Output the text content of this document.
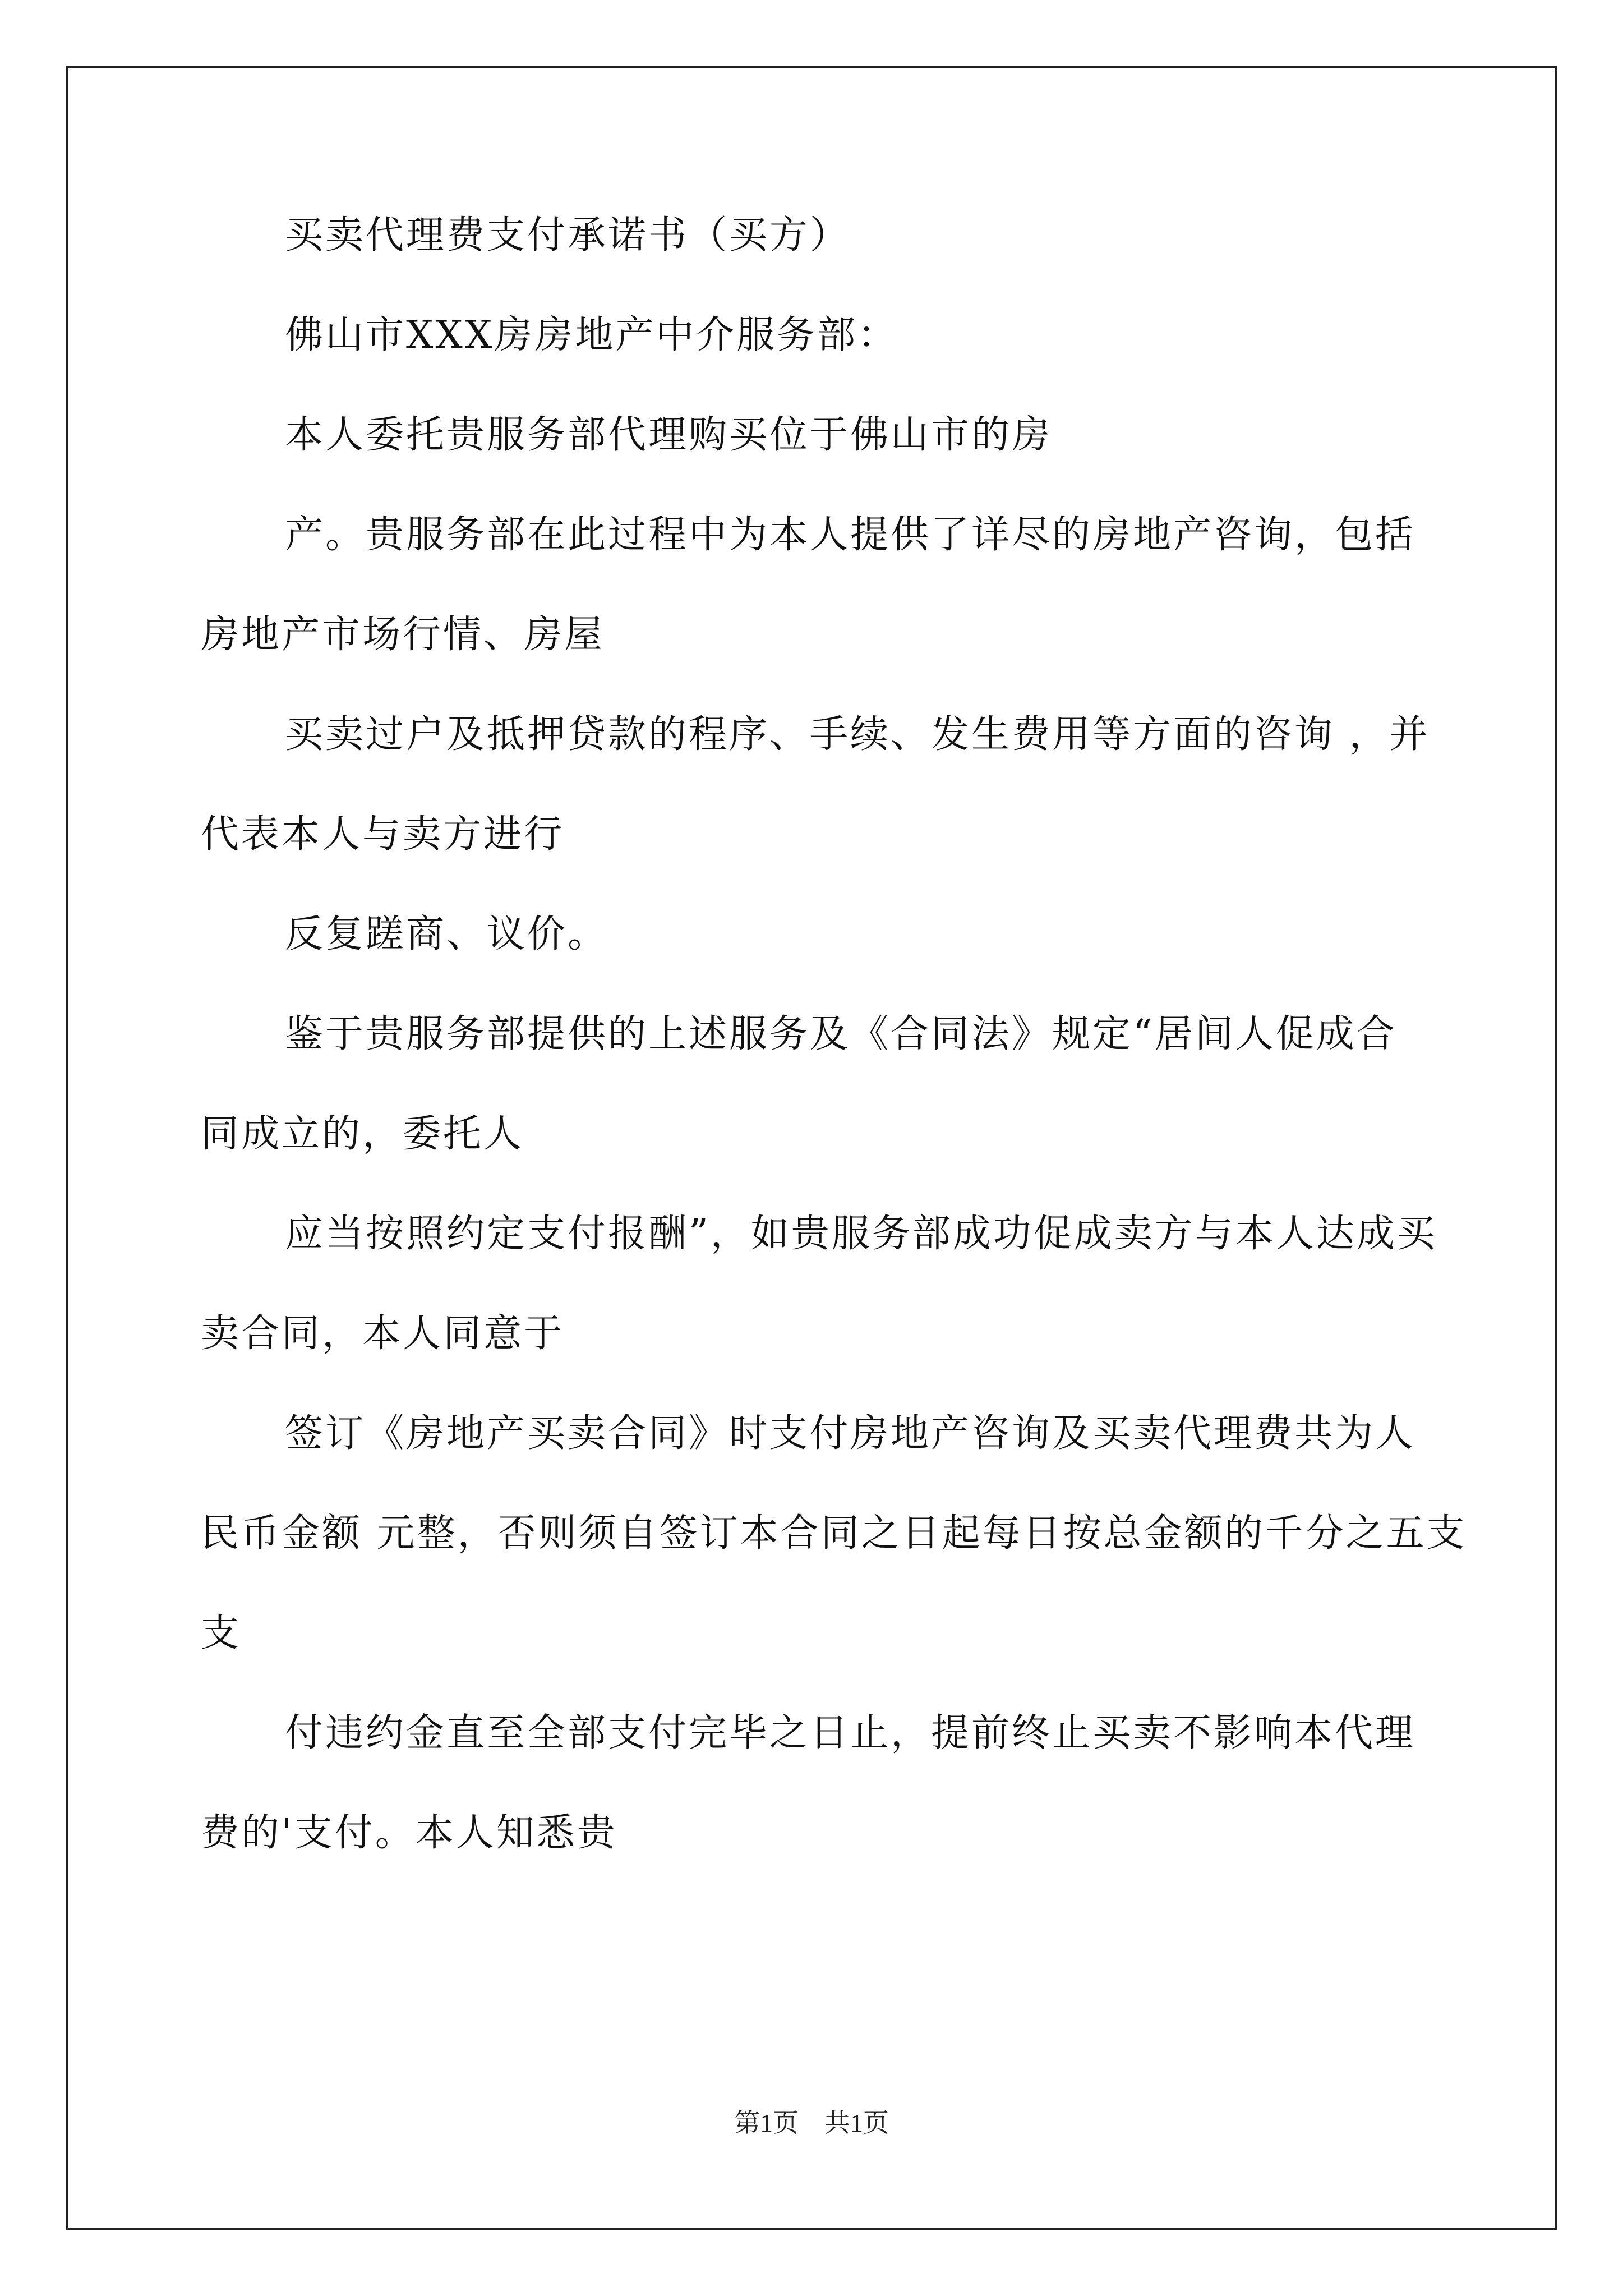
买卖代理费支付承诺书（买方）
佛山市XXX房房地产中介服务部：
本人委托贵服务部代理购买位于佛山市的房
产。贵服务部在此过程中为本人提供了详尽的房地产咨询，包括
房地产市场行情、房屋
买卖过户及抵押贷款的程序、手续、发生费用等方面的咨询 ，并
代表本人与卖方进行
反复蹉商、议价。
鉴于贵服务部提供的上述服务及《合同法》规定“居间人促成合
同成立的，委托人
应当按照约定支付报酬”，如贵服务部成功促成卖方与本人达成买
卖合同，本人同意于
签订《房地产买卖合同》时支付房地产咨询及买卖代理费共为人
民币金额 元整，否则须自签订本合同之日起每日按总金额的千分之五支
支
付违约金直至全部支付完毕之日止，提前终止买卖不影响本代理
费的'支付。本人知悉贵
第1页　共1页
